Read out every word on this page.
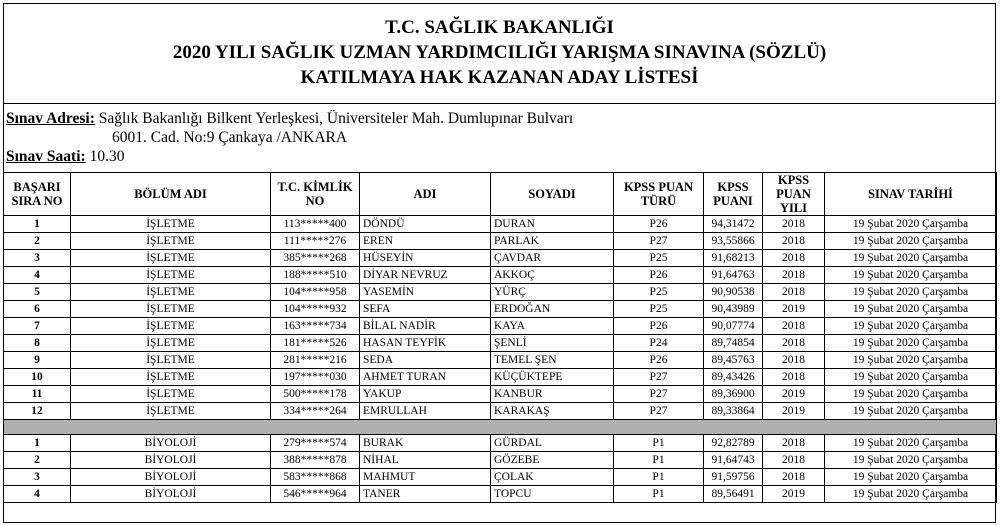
T.C. SAĞLIK BAKANLIĞI
2020 YILI SAĞLIK UZMAN YARDIMCILIĞI YARIŞMA SINAVINA (SÖZLÜ)
KATILMAYA HAK KAZANAN ADAY LİSTESİ
Sınav Adresi: Sağlık Bakanlığı Bilkent Yerleşkesi, Üniversiteler Mah. Dumlupınar Bulvarı
6001. Cad. No:9 Çankaya /ANKARA
Sınav Saati: 10.30
BAŞARI SIRA NO	BÖLÜM ADI	T.C. KİMLİK NO	ADI	SOYADI	KPSS PUAN TÜRÜ	KPSS PUANI	KPSS PUAN YILI	SINAV TARİHİ
1	İŞLETME	113*****400	DÖNDÜ	DURAN	P26	94,31472	2018	19 Şubat 2020 Çarşamba
2	İŞLETME	111*****276	EREN	PARLAK	P27	93,55866	2018	19 Şubat 2020 Çarşamba
3	İŞLETME	385*****268	HÜSEYİN	ÇAVDAR	P25	91,68213	2018	19 Şubat 2020 Çarşamba
4	İŞLETME	188*****510	DİYAR NEVRUZ	AKKOÇ	P26	91,64763	2018	19 Şubat 2020 Çarşamba
5	İŞLETME	104*****958	YASEMİN	YÜRÇ	P25	90,90538	2018	19 Şubat 2020 Çarşamba
6	İŞLETME	104*****932	SEFA	ERDOĞAN	P25	90,43989	2019	19 Şubat 2020 Çarşamba
7	İŞLETME	163*****734	BİLAL NADİR	KAYA	P26	90,07774	2018	19 Şubat 2020 Çarşamba
8	İŞLETME	181*****526	HASAN TEYFİK	ŞENLİ	P24	89,74854	2018	19 Şubat 2020 Çarşamba
9	İŞLETME	281*****216	SEDA	TEMEL ŞEN	P26	89,45763	2018	19 Şubat 2020 Çarşamba
10	İŞLETME	197*****030	AHMET TURAN	KÜÇÜKTEPE	P27	89,43426	2018	19 Şubat 2020 Çarşamba
11	İŞLETME	500*****178	YAKUP	KANBUR	P27	89,36900	2019	19 Şubat 2020 Çarşamba
12	İŞLETME	334*****264	EMRULLAH	KARAKAŞ	P27	89,33864	2019	19 Şubat 2020 Çarşamba

1	BİYOLOJİ	279*****574	BURAK	GÜRDAL	P1	92,82789	2018	19 Şubat 2020 Çarşamba
2	BİYOLOJİ	388*****878	NİHAL	GÖZEBE	P1	91,64743	2018	19 Şubat 2020 Çarşamba
3	BİYOLOJİ	583*****868	MAHMUT	ÇOLAK	P1	91,59756	2018	19 Şubat 2020 Çarşamba
4	BİYOLOJİ	546*****964	TANER	TOPCU	P1	89,56491	2019	19 Şubat 2020 Çarşamba
